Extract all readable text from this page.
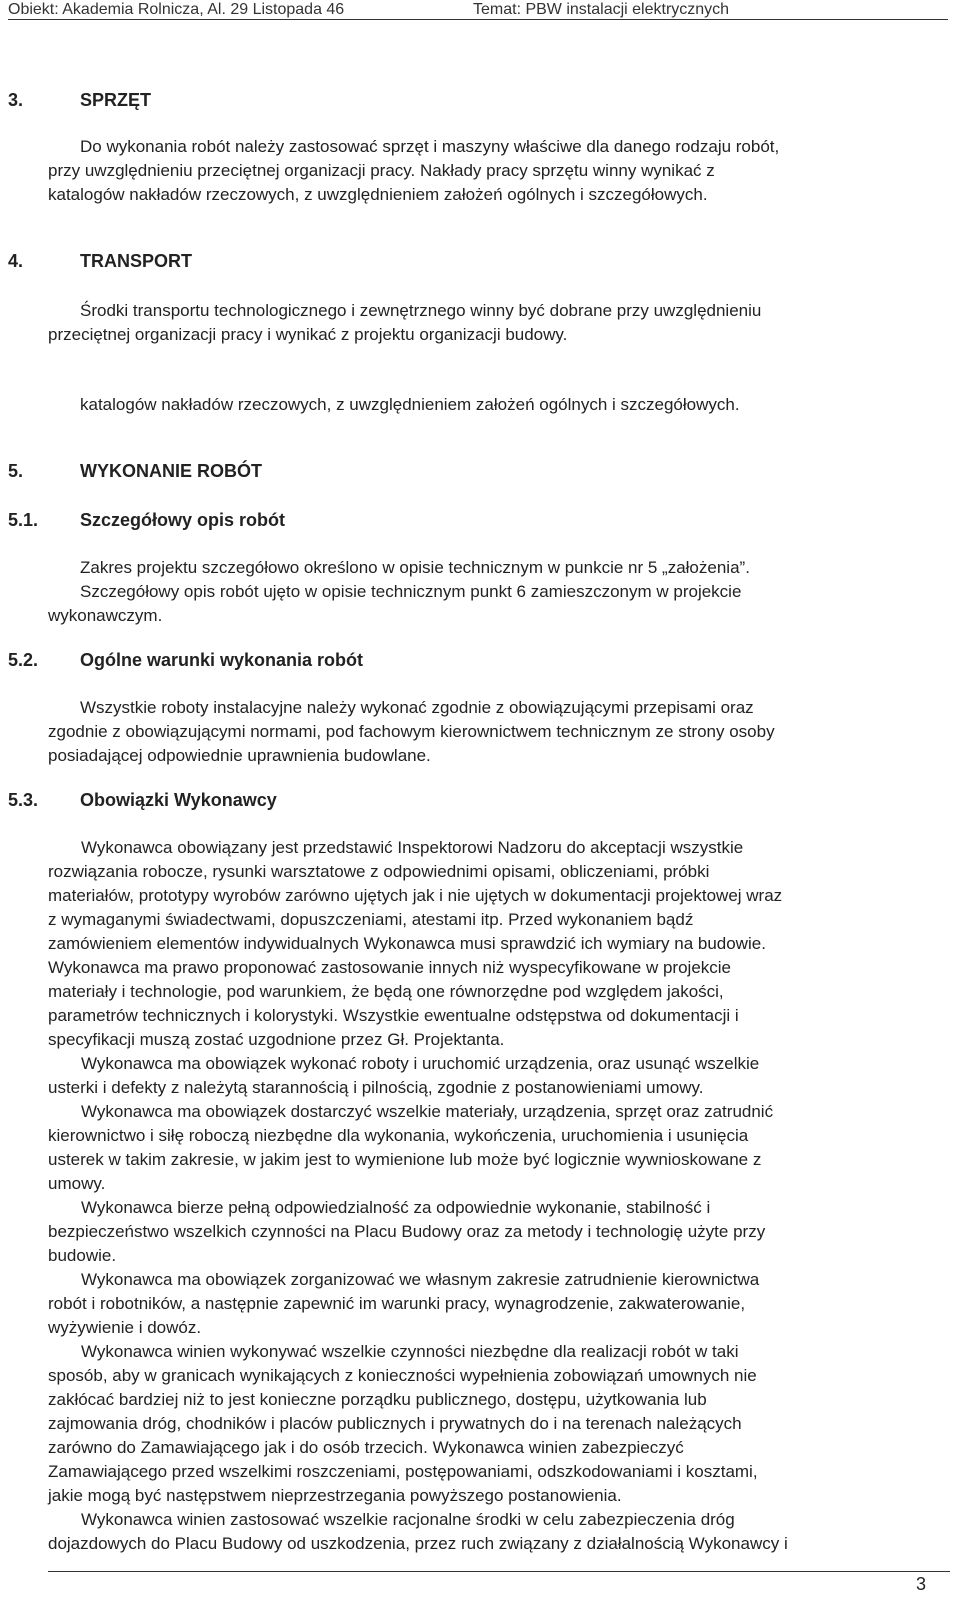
Obiekt: Akademia Rolnicza, Al. 29 Listopada 46	Temat: PBW instalacji elektrycznych
3.	SPRZĘT
Do wykonania robót należy zastosować sprzęt i maszyny właściwe dla danego rodzaju robót,
przy uwzględnieniu przeciętnej organizacji pracy. Nakłady pracy sprzętu winny wynikać z
katalogów nakładów rzeczowych, z uwzględnieniem założeń ogólnych i szczegółowych.
4.	TRANSPORT
Środki transportu technologicznego i zewnętrznego winny być dobrane przy uwzględnieniu
przeciętnej organizacji pracy i wynikać z projektu organizacji budowy.
katalogów nakładów rzeczowych, z uwzględnieniem założeń ogólnych i szczegółowych.
5.	WYKONANIE ROBÓT
5.1. Szczegółowy opis robót
Zakres projektu szczegółowo określono w opisie technicznym w punkcie nr 5 „założenia”.
Szczegółowy opis robót ujęto w opisie technicznym punkt 6 zamieszczonym w projekcie
wykonawczym.
5.2. Ogólne warunki wykonania robót
Wszystkie roboty instalacyjne należy wykonać zgodnie z obowiązującymi przepisami oraz
zgodnie z obowiązującymi normami, pod fachowym kierownictwem technicznym ze strony osoby
posiadającej odpowiednie uprawnienia budowlane.
5.3. Obowiązki Wykonawcy
Wykonawca obowiązany jest przedstawić Inspektorowi Nadzoru do akceptacji wszystkie
rozwiązania robocze, rysunki warsztatowe z odpowiednimi opisami, obliczeniami, próbki
materiałów, prototypy wyrobów zarówno ujętych jak i nie ujętych w dokumentacji projektowej wraz
z wymaganymi świadectwami, dopuszczeniami, atestami itp. Przed wykonaniem bądź
zamówieniem elementów indywidualnych Wykonawca musi sprawdzić ich wymiary na budowie.
Wykonawca ma prawo proponować zastosowanie innych niż wyspecyfikowane w projekcie
materiały i technologie, pod warunkiem, że będą one równorzędne pod względem jakości,
parametrów technicznych i kolorystyki. Wszystkie ewentualne odstępstwa od dokumentacji i
specyfikacji muszą zostać uzgodnione przez Gł. Projektanta.
Wykonawca ma obowiązek wykonać roboty i uruchomić urządzenia, oraz usunąć wszelkie
usterki i defekty z należytą starannością i pilnością, zgodnie z postanowieniami umowy.
Wykonawca ma obowiązek dostarczyć wszelkie materiały, urządzenia, sprzęt oraz zatrudnić
kierownictwo i siłę roboczą niezbędne dla wykonania, wykończenia, uruchomienia i usunięcia
usterek w takim zakresie, w jakim jest to wymienione lub może być logicznie wywnioskowane z
umowy.
Wykonawca bierze pełną odpowiedzialność za odpowiednie wykonanie, stabilność i
bezpieczeństwo wszelkich czynności na Placu Budowy oraz za metody i technologię użyte przy
budowie.
Wykonawca ma obowiązek zorganizować we własnym zakresie zatrudnienie kierownictwa
robót i robotników, a następnie zapewnić im warunki pracy, wynagrodzenie, zakwaterowanie,
wyżywienie i dowóz.
Wykonawca winien wykonywać wszelkie czynności niezbędne dla realizacji robót w taki
sposób, aby w granicach wynikających z konieczności wypełnienia zobowiązań umownych nie
zakłócać bardziej niż to jest konieczne porządku publicznego, dostępu, użytkowania lub
zajmowania dróg, chodników i placów publicznych i prywatnych do i na terenach należących
zarówno do Zamawiającego jak i do osób trzecich. Wykonawca winien zabezpieczyć
Zamawiającego przed wszelkimi roszczeniami, postępowaniami, odszkodowaniami i kosztami,
jakie mogą być następstwem nieprzestrzegania powyższego postanowienia.
Wykonawca winien zastosować wszelkie racjonalne środki w celu zabezpieczenia dróg
dojazdowych do Placu Budowy od uszkodzenia, przez ruch związany z działalnością Wykonawcy i
3
